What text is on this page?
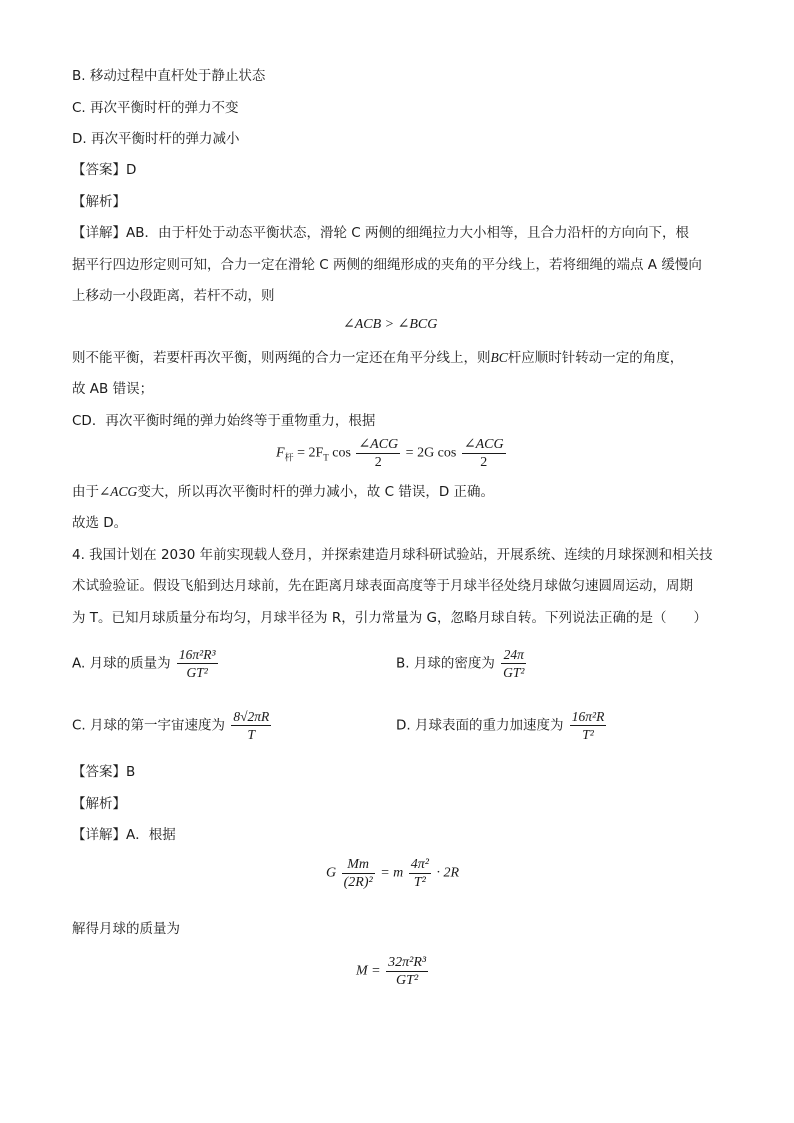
B. 移动过程中直杆处于静止状态
C. 再次平衡时杆的弹力不变
D. 再次平衡时杆的弹力减小
【答案】D
【解析】
【详解】AB．由于杆处于动态平衡状态，滑轮 C 两侧的细绳拉力大小相等，且合力沿杆的方向向下，根
据平行四边形定则可知，合力一定在滑轮 C 两侧的细绳形成的夹角的平分线上，若将细绳的端点 A 缓慢向
上移动一小段距离，若杆不动，则
∠ACB > ∠BCG
则不能平衡，若要杆再次平衡，则两绳的合力一定还在角平分线上，则BC杆应顺时针转动一定的角度，
故 AB 错误；
CD．再次平衡时绳的弹力始终等于重物重力，根据
$F_杆 = 2F_T$ $\cos \frac{\text{∠ACG}}{2} = 2G$ $\cos \frac{\text{∠ACG}}{2}$
由于∠ACG变大，所以再次平衡时杆的弹力减小，故 C 错误，D 正确。
故选 D。
4. 我国计划在 2030 年前实现载人登月，并探索建造月球科研试验站，开展系统、连续的月球探测和相关技
术试验验证。假设飞船到达月球前，先在距离月球表面高度等于月球半径处绕月球做匀速圆周运动，周期
为 T。已知月球质量分布均匀，月球半径为 R，引力常量为 G，忽略月球自转。下列说法正确的是（　　）
A. 月球的质量为 $\frac{\text{16π²R³}}{\text{GT²}}$	B. 月球的密度为 $\frac{24\pi}{\text{GT²}}$
C. 月球的第一宇宙速度为 $\frac{8√2\pi R}{T}$	D. 月球表面的重力加速度为 $\frac{\text{16π²R}}{\text{T²}}$
【答案】B
【解析】
【详解】A．根据
G $\frac{Mm}{\text{(2R)²}} = m \frac{\text{4π²}}{\text{T²}} \cdot 2R$
解得月球的质量为
$M = \frac{\text{32π²R³}}{\text{GT²}}$
